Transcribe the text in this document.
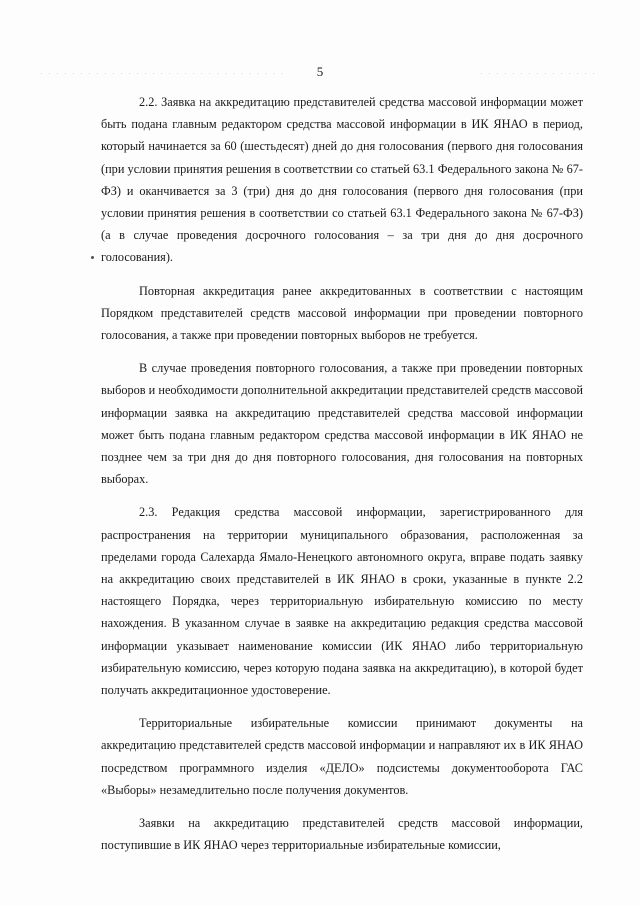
. . . . . . . . . . . . . . . . . . . . . . . . . . . . . . .	. . . . . . . . . . . . . . .
5

2.2. Заявка на аккредитацию представителей средства массовой информации может быть подана главным редактором средства массовой информации в ИК ЯНАО в период, который начинается за 60 (шестьдесят) дней до дня голосования (первого дня голосования (при условии принятия решения в соответствии со статьей 63.1 Федерального закона № 67-ФЗ) и оканчивается за 3 (три) дня до дня голосования (первого дня голосования (при условии принятия решения в соответствии со статьей 63.1 Федерального закона № 67-ФЗ) (а в случае проведения досрочного голосования – за три дня до дня досрочного голосования).

Повторная аккредитация ранее аккредитованных в соответствии с настоящим Порядком представителей средств массовой информации при проведении повторного голосования, а также при проведении повторных выборов не требуется.

В случае проведения повторного голосования, а также при проведении повторных выборов и необходимости дополнительной аккредитации представителей средств массовой информации заявка на аккредитацию представителей средства массовой информации может быть подана главным редактором средства массовой информации в ИК ЯНАО не позднее чем за три дня до дня повторного голосования, дня голосования на повторных выборах.

2.3. Редакция средства массовой информации, зарегистрированного для распространения на территории муниципального образования, расположенная за пределами города Салехарда Ямало-Ненецкого автономного округа, вправе подать заявку на аккредитацию своих представителей в ИК ЯНАО в сроки, указанные в пункте 2.2 настоящего Порядка, через территориальную избирательную комиссию по месту нахождения. В указанном случае в заявке на аккредитацию редакция средства массовой информации указывает наименование комиссии (ИК ЯНАО либо территориальную избирательную комиссию, через которую подана заявка на аккредитацию), в которой будет получать аккредитационное удостоверение.

Территориальные избирательные комиссии принимают документы на аккредитацию представителей средств массовой информации и направляют их в ИК ЯНАО посредством программного изделия «ДЕЛО» подсистемы документооборота ГАС «Выборы» незамедлительно после получения документов.

Заявки на аккредитацию представителей средств массовой информации, поступившие в ИК ЯНАО через территориальные избирательные комиссии,
